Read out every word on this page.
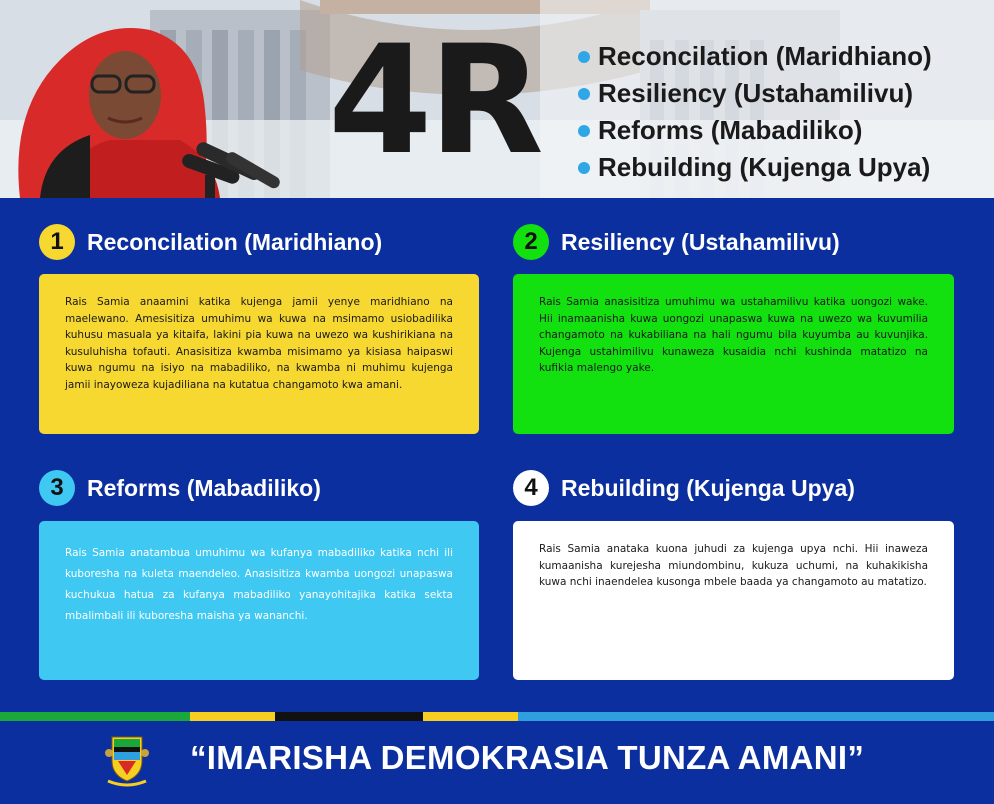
4R Reconcilation (Maridhiano)
Resiliency (Ustahamilivu)
Reforms (Mabadiliko)
Rebuilding (Kujenga Upya)
1	Reconcilation (Maridhiano)

Rais Samia anaamini katika kujenga jamii yenye maridhiano na maelewano. Amesisitiza umuhimu wa kuwa na msimamo usiobadilika kuhusu masuala ya kitaifa, lakini pia kuwa na uwezo wa kushirikiana na kusuluhisha tofauti. Anasisitiza kwamba misimamo ya kisiasa haipaswi kuwa ngumu na isiyo na mabadiliko, na kwamba ni muhimu kujenga jamii inayoweza kujadiliana na kutatua changamoto kwa amani.

2	Resiliency (Ustahamilivu)

Rais Samia anasisitiza umuhimu wa ustahamilivu katika uongozi wake. Hii inamaanisha kuwa uongozi unapaswa kuwa na uwezo wa kuvumilia changamoto na kukabiliana na hali ngumu bila kuyumba au kuvunjika. Kujenga ustahimilivu kunaweza kusaidia nchi kushinda matatizo na kufikia malengo yake.

3	Reforms (Mabadiliko)

Rais Samia anatambua umuhimu wa kufanya mabadiliko katika nchi ili kuboresha na kuleta maendeleo. Anasisitiza kwamba uongozi unapaswa kuchukua hatua za kufanya mabadiliko yanayohitajika katika sekta mbalimbali ili kuboresha maisha ya wananchi.

4	Rebuilding (Kujenga Upya)

Rais Samia anataka kuona juhudi za kujenga upya nchi. Hii inaweza kumaanisha kurejesha miundombinu, kukuza uchumi, na kuhakikisha kuwa nchi inaendelea kusonga mbele baada ya changamoto au matatizo.

“IMARISHA DEMOKRASIA TUNZA AMANI”
